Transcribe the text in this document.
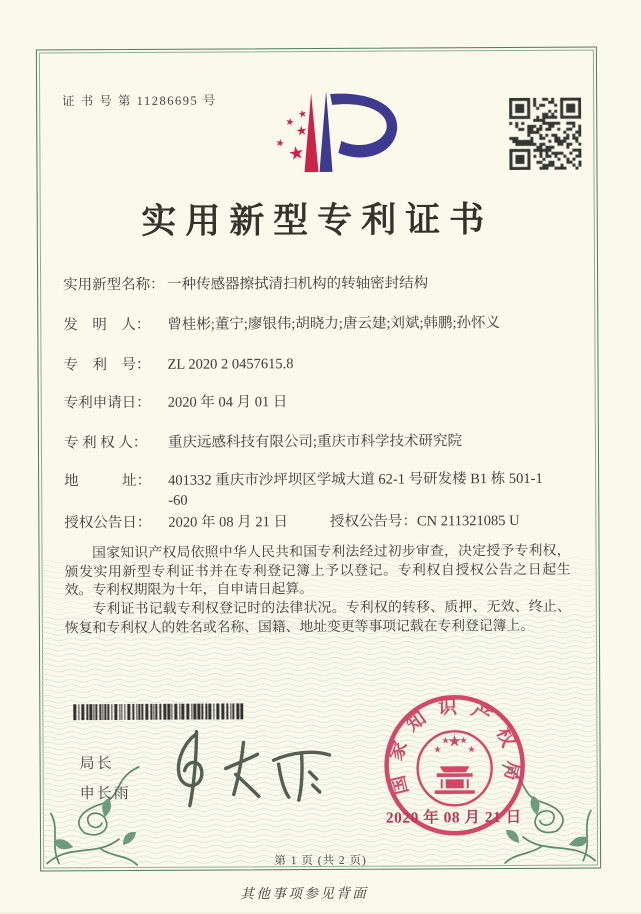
证 书 号 第 11286695 号
★
★
★
★ ★
实用新型专利证书
实用新型名称： 一种传感器擦拭清扫机构的转轴密封结构
发　明　人：	曾桂彬;董宁;廖银伟;胡晓力;唐云建;刘斌;韩鹏;孙怀义
专　利　号：	ZL 2020 2 0457615.8
专利申请日：	2020 年 04 月 01 日
专 利 权 人：	重庆远感科技有限公司;重庆市科学技术研究院
地　　　址：	401332 重庆市沙坪坝区学城大道 62-1 号研发楼 B1 栋 501-1
-60
授权公告日：	2020 年 08 月 21 日	授权公告号： CN 211321085 U
国家知识产权局依照中华人民共和国专利法经过初步审查，决定授予专利权，颁发实用新型专利证书并在专利登记簿上予以登记。专利权自授权公告之日起生效。专利权期限为十年，自申请日起算。
专利证书记载专利权登记时的法律状况。专利权的转移、质押、无效、终止、恢复和专利权人的姓名或名称、国籍、地址变更等事项记载在专利登记簿上。
局长
申长雨	国家知识产权局
★
★
★ ★
★
2020 年 08 月 21 日
第 1 页 (共 2 页)
其他事项参见背面
